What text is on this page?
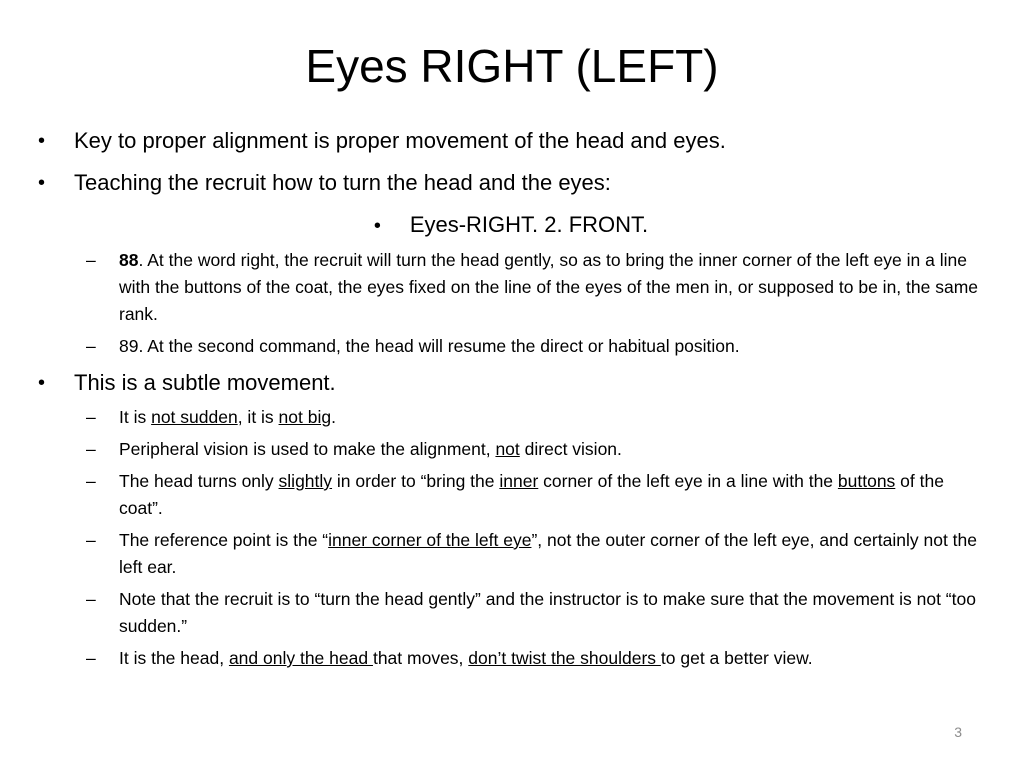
Eyes RIGHT (LEFT)
• Key to proper alignment is proper movement of the head and eyes.
• Teaching the recruit how to turn the head and the eyes:
• Eyes-RIGHT. 2. FRONT.
– 88. At the word right, the recruit will turn the head gently, so as to bring the inner corner of the left eye in a line with the buttons of the coat, the eyes fixed on the line of the eyes of the men in, or supposed to be in, the same rank.
– 89. At the second command, the head will resume the direct or habitual position.
• This is a subtle movement.
– It is not sudden, it is not big.
– Peripheral vision is used to make the alignment, not direct vision.
– The head turns only slightly in order to “bring the inner corner of the left eye in a line with the buttons of the coat”.
– The reference point is the “inner corner of the left eye”, not the outer corner of the left eye, and certainly not the left ear.
– Note that the recruit is to “turn the head gently” and the instructor is to make sure that the movement is not “too sudden.”
– It is the head, and only the head that moves, don’t twist the shoulders to get a better view.
3
